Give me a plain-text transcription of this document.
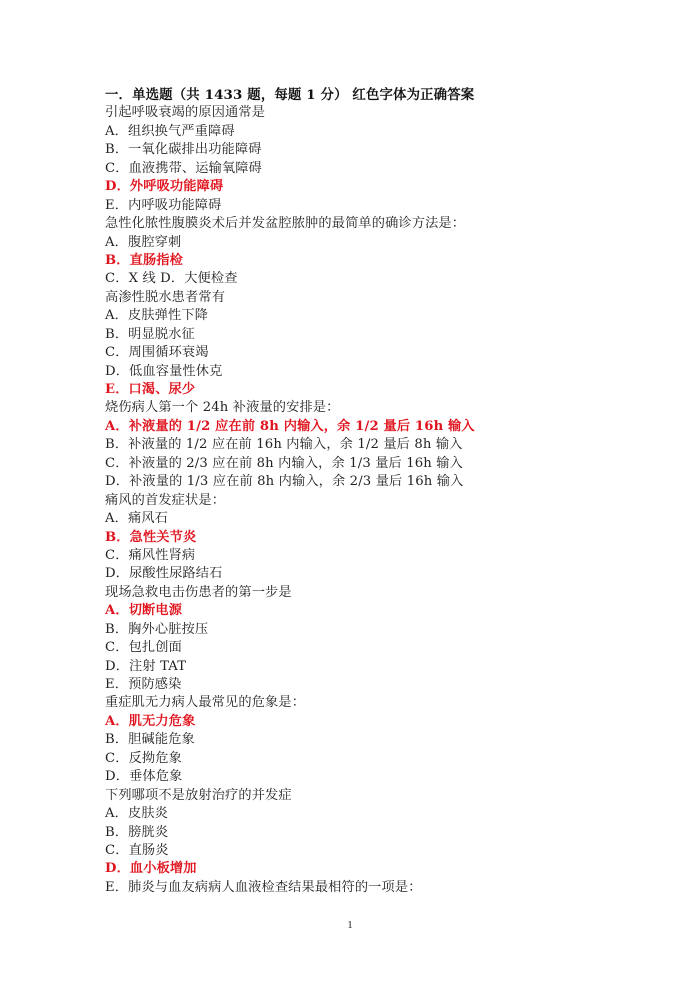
一．单选题（共 1433 题，每题 1 分） 红色字体为正确答案
引起呼吸衰竭的原因通常是
A．组织换气严重障碍
B．一氧化碳排出功能障碍
C．血液携带、运输氧障碍
D．外呼吸功能障碍
E．内呼吸功能障碍
急性化脓性腹膜炎术后并发盆腔脓肿的最简单的确诊方法是：
A．腹腔穿刺
B．直肠指检
C．X 线 D．大便检查
高渗性脱水患者常有
A．皮肤弹性下降
B．明显脱水征
C．周围循环衰竭
D．低血容量性休克
E．口渴、尿少
烧伤病人第一个 24h 补液量的安排是：
A．补液量的 1/2 应在前 8h 内输入，余 1/2 量后 16h 输入
B．补液量的 1/2 应在前 16h 内输入，余 1/2 量后 8h 输入
C．补液量的 2/3 应在前 8h 内输入，余 1/3 量后 16h 输入
D．补液量的 1/3 应在前 8h 内输入，余 2/3 量后 16h 输入
痛风的首发症状是：
A．痛风石
B．急性关节炎
C．痛风性肾病
D．尿酸性尿路结石
现场急救电击伤患者的第一步是
A．切断电源
B．胸外心脏按压
C．包扎创面
D．注射 TAT
E．预防感染
重症肌无力病人最常见的危象是：
A．肌无力危象
B．胆碱能危象
C．反拗危象
D．垂体危象
下列哪项不是放射治疗的并发症
A．皮肤炎
B．膀胱炎
C．直肠炎
D．血小板增加
E．肺炎与血友病病人血液检查结果最相符的一项是：
1
